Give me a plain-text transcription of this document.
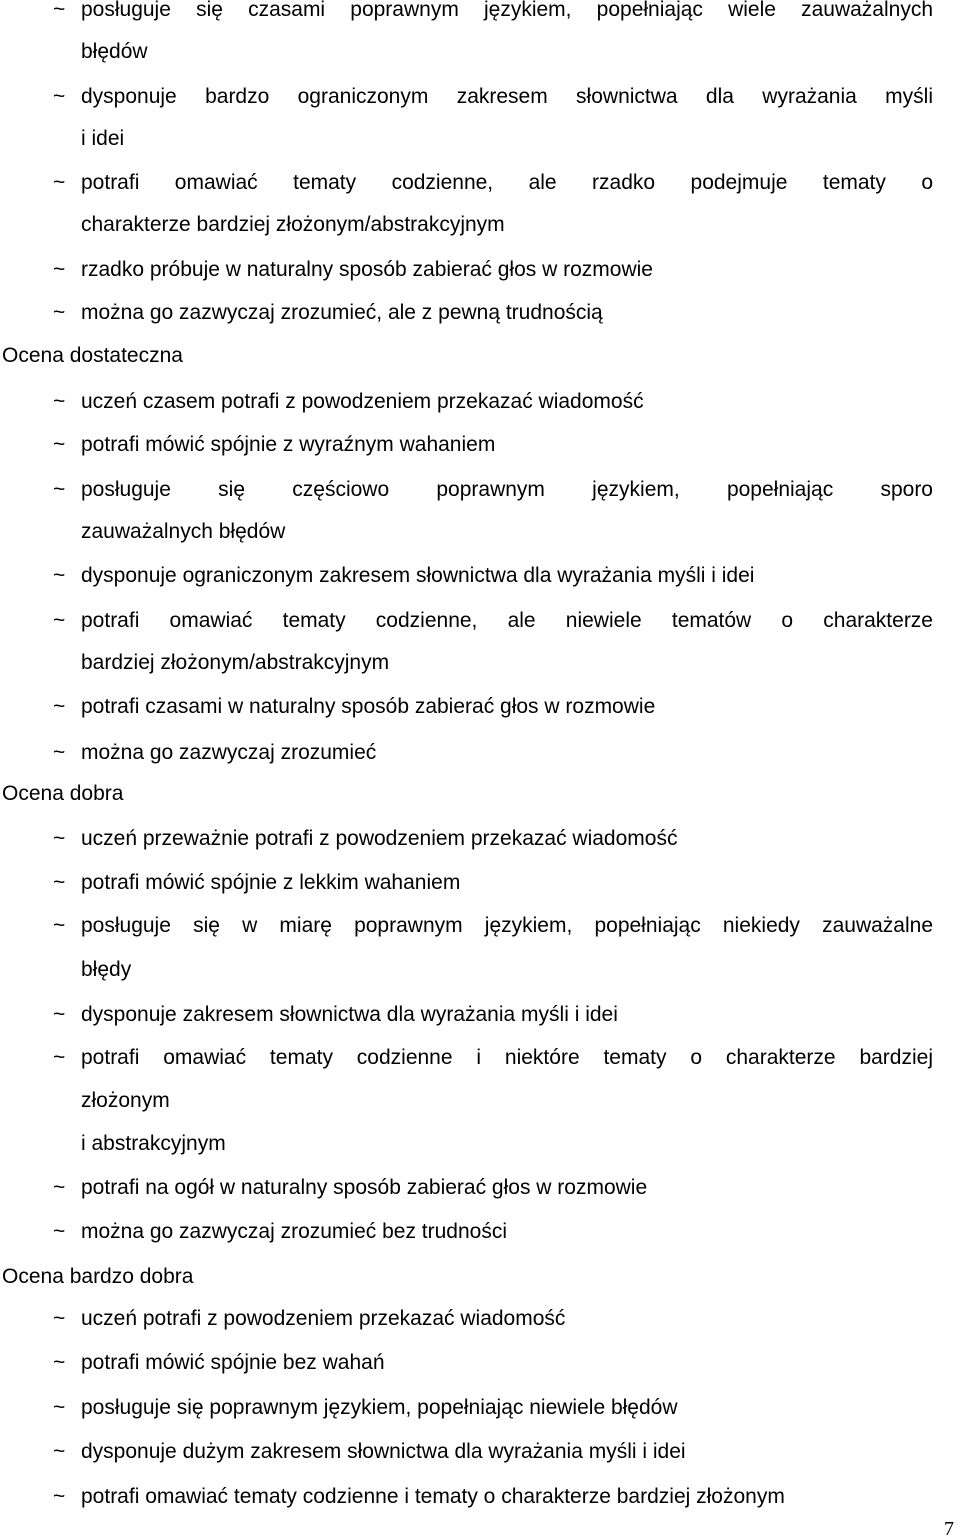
~ posługuje się czasami poprawnym językiem, popełniając wiele zauważalnych
błędów
~ dysponuje bardzo ograniczonym zakresem słownictwa dla wyrażania myśli
i idei
~ potrafi omawiać tematy codzienne, ale rzadko podejmuje tematy o
charakterze bardziej złożonym/abstrakcyjnym
~ rzadko próbuje w naturalny sposób zabierać głos w rozmowie
~ można go zazwyczaj zrozumieć, ale z pewną trudnością
Ocena dostateczna
~ uczeń czasem potrafi z powodzeniem przekazać wiadomość
~ potrafi mówić spójnie z wyraźnym wahaniem
~ posługuje się częściowo poprawnym językiem, popełniając sporo
zauważalnych błędów
~ dysponuje ograniczonym zakresem słownictwa dla wyrażania myśli i idei
~ potrafi omawiać tematy codzienne, ale niewiele tematów o charakterze
bardziej złożonym/abstrakcyjnym
~ potrafi czasami w naturalny sposób zabierać głos w rozmowie
~ można go zazwyczaj zrozumieć
Ocena dobra
~ uczeń przeważnie potrafi z powodzeniem przekazać wiadomość
~ potrafi mówić spójnie z lekkim wahaniem
~ posługuje się w miarę poprawnym językiem, popełniając niekiedy zauważalne
błędy
~ dysponuje zakresem słownictwa dla wyrażania myśli i idei
~ potrafi omawiać tematy codzienne i niektóre tematy o charakterze bardziej
złożonym
i abstrakcyjnym
~ potrafi na ogół w naturalny sposób zabierać głos w rozmowie
~ można go zazwyczaj zrozumieć bez trudności
Ocena bardzo dobra
~ uczeń potrafi z powodzeniem przekazać wiadomość
~ potrafi mówić spójnie bez wahań
~ posługuje się poprawnym językiem, popełniając niewiele błędów
~ dysponuje dużym zakresem słownictwa dla wyrażania myśli i idei
~ potrafi omawiać tematy codzienne i tematy o charakterze bardziej złożonym
7
